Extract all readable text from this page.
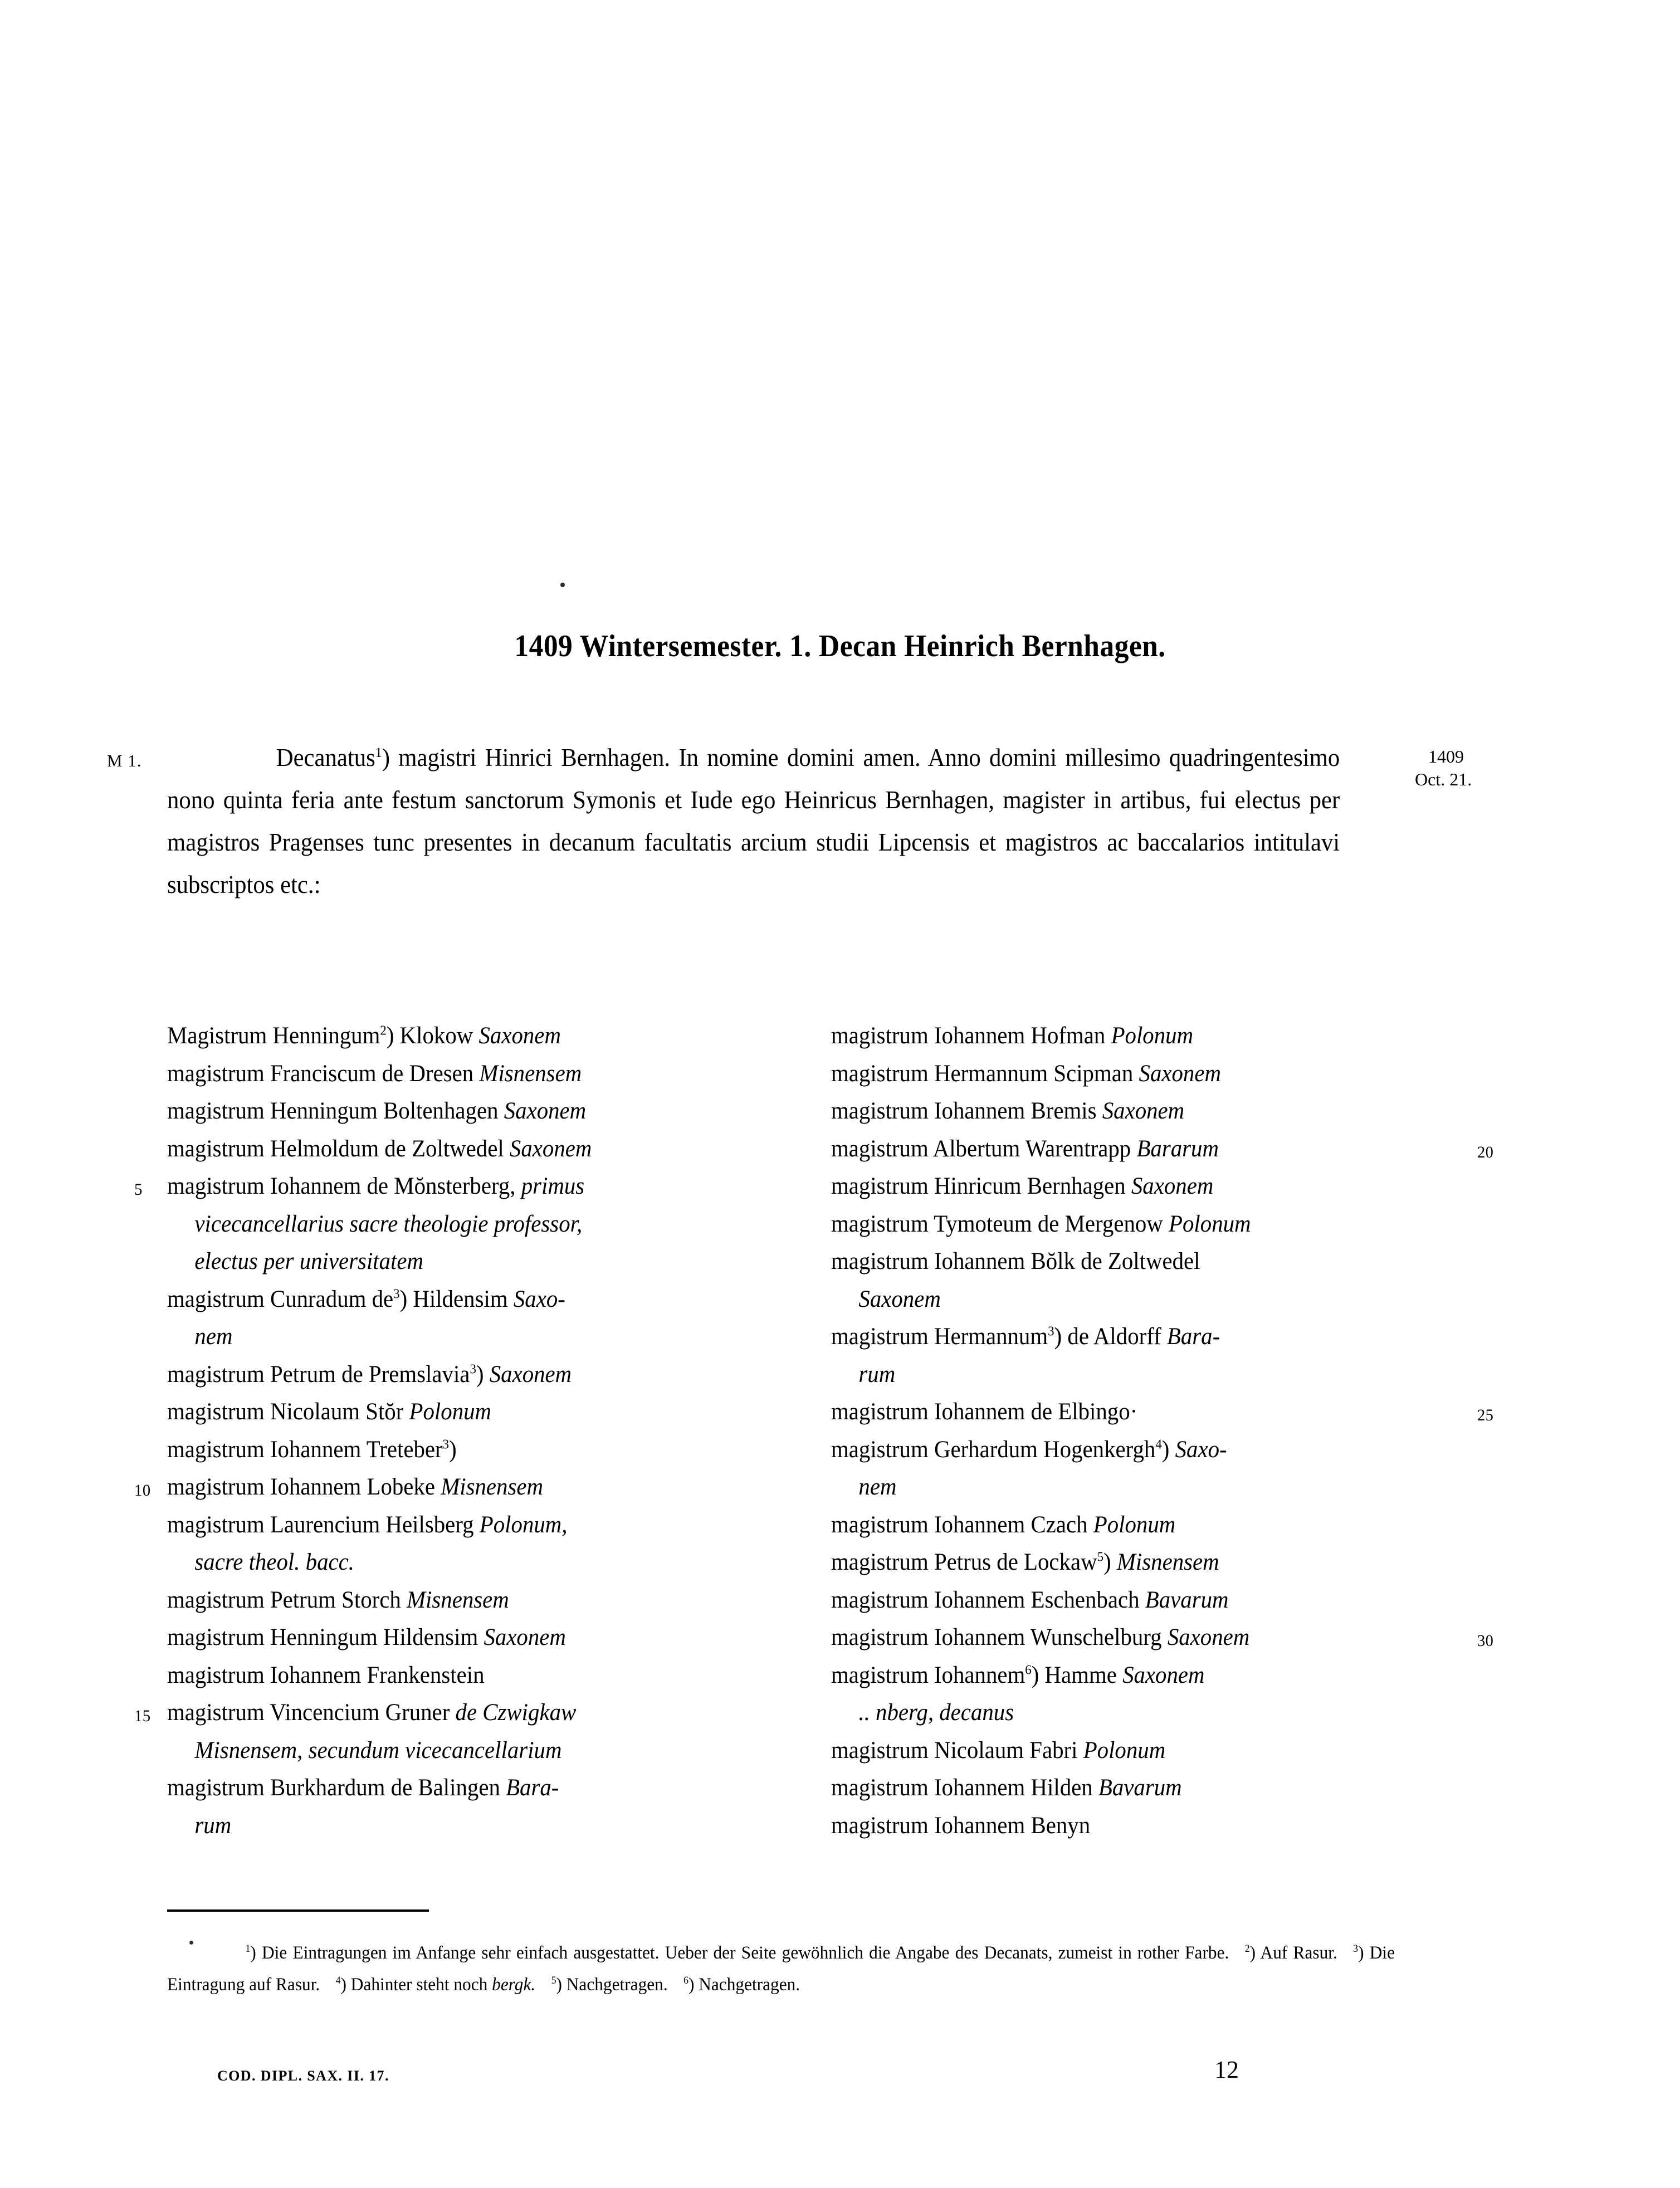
1409 Wintersemester. 1. Decan Heinrich Bernhagen.
M 1.	1409
Oct. 21.

Decanatus$^1$) magistri Hinrici Bernhagen. In nomine domini amen. Anno domini millesimo quadringentesimo nono quinta feria ante festum sanctorum Symonis et Iude ego Heinricus Bernhagen, magister in artibus, fui electus per magistros Pragenses tunc presentes in decanum facultatis arcium studii Lipcensis et magistros ac baccalarios intitulavi subscriptos etc.:

Magistrum Henningum$^2$) Klokow Saxonem
magistrum Franciscum de Dresen Misnensem
magistrum Henningum Boltenhagen Saxonem
magistrum Helmoldum de Zoltwedel Saxonem
5 magistrum Iohannem de Mŏnsterberg, primus
vicecancellarius sacre theologie professor,
electus per universitatem
magistrum Cunradum de$^3$) Hildensim Saxo-
nem
magistrum Petrum de Premslavia$^3$) Saxonem
magistrum Nicolaum Stŏr Polonum
magistrum Iohannem Treteber$^3$)
10 magistrum Iohannem Lobeke Misnensem
magistrum Laurencium Heilsberg Polonum,
sacre theol. bacc.
magistrum Petrum Storch Misnensem
magistrum Henningum Hildensim Saxonem
magistrum Iohannem Frankenstein
15 magistrum Vincencium Gruner de Czwigkaw
Misnensem, secundum vicecancellarium
magistrum Burkhardum de Balingen Bara-
rum
magistrum Iohannem Hofman Polonum
magistrum Hermannum Scipman Saxonem
magistrum Iohannem Bremis Saxonem
20
magistrum Albertum Warentrapp Bararum
magistrum Hinricum Bernhagen Saxonem
magistrum Tymoteum de Mergenow Polonum
magistrum Iohannem Bŏlk de Zoltwedel
Saxonem
magistrum Hermannum$^3$) de Aldorff Bara-
rum
25
magistrum Iohannem de Elbingo·
magistrum Gerhardum Hogenkergh$^4$) Saxo-
nem
magistrum Iohannem Czach Polonum
magistrum Petrus de Lockaw$^5$) Misnensem
magistrum Iohannem Eschenbach Bavarum
30
magistrum Iohannem Wunschelburg Saxonem
magistrum Iohannem$^6$) Hamme Saxonem
.. nberg, decanus
magistrum Nicolaum Fabri Polonum
magistrum Iohannem Hilden Bavarum
magistrum Iohannem Benyn
$^1$) Die Eintragungen im Anfange sehr einfach ausgestattet. Ueber der Seite gewöhnlich die Angabe des Decanats, zumeist in rother Farbe. $^2$) Auf Rasur. $^3$) Die Eintragung auf Rasur. $^4$) Dahinter steht noch bergk. $^5$) Nachgetragen. $^6$) Nachgetragen.
COD. DIPL. SAX. II. 17.	12
